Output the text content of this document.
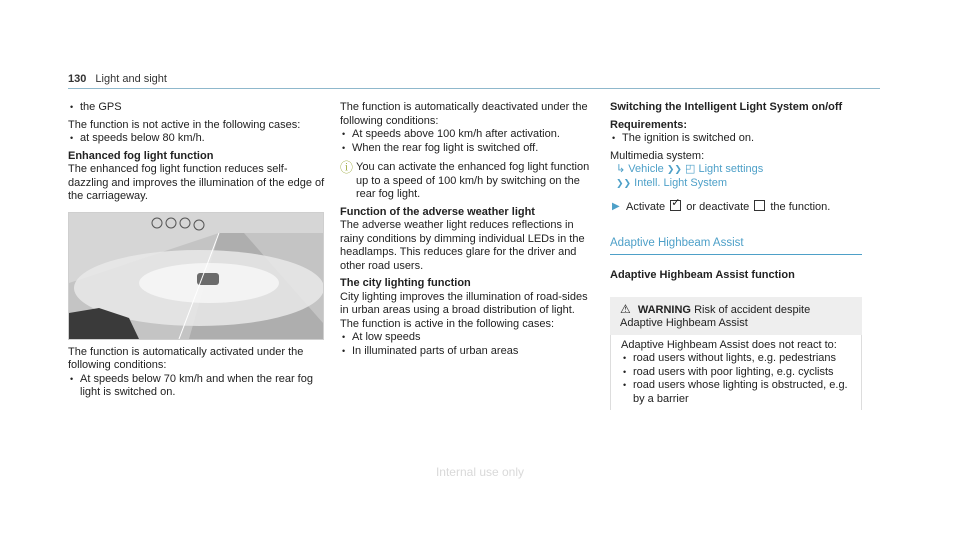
130 Light and sight
• the GPS

The function is not active in the following cases:

• at speeds below 80 km/h.

Enhanced fog light function

The enhanced fog light function reduces self-dazzling and improves the illumination of the edge of the carriageway.

The function is automatically activated under the following conditions:

• At speeds below 70 km/h and when the rear fog light is switched on.

The function is automatically deactivated under the following conditions:

• At speeds above 100 km/h after activation.
• When the rear fog light is switched off.
ⓘ You can activate the enhanced fog light function up to a speed of 100 km/h by switching on the rear fog light.

Function of the adverse weather light

The adverse weather light reduces reflections in rainy conditions by dimming individual LEDs in the headlamps. This reduces glare for the driver and other road users.

The city lighting function

City lighting improves the illumination of road-sides in urban areas using a broad distribution of light.

The function is active in the following cases:

• At low speeds
• In illuminated parts of urban areas

Switching the Intelligent Light System on/off

Requirements:

• The ignition is switched on.

Multimedia system:

↳ Vehicle ❯❯ ◰ Light settings
❯❯ Intell. Light System
▶ Activate ✓ or deactivate the function.
Adaptive Highbeam Assist

Adaptive Highbeam Assist function

⚠ WARNING Risk of accident despite Adaptive Highbeam Assist

Adaptive Highbeam Assist does not react to:

• road users without lights, e.g. pedestrians
• road users with poor lighting, e.g. cyclists
• road users whose lighting is obstructed, e.g. by a barrier
Internal use only
